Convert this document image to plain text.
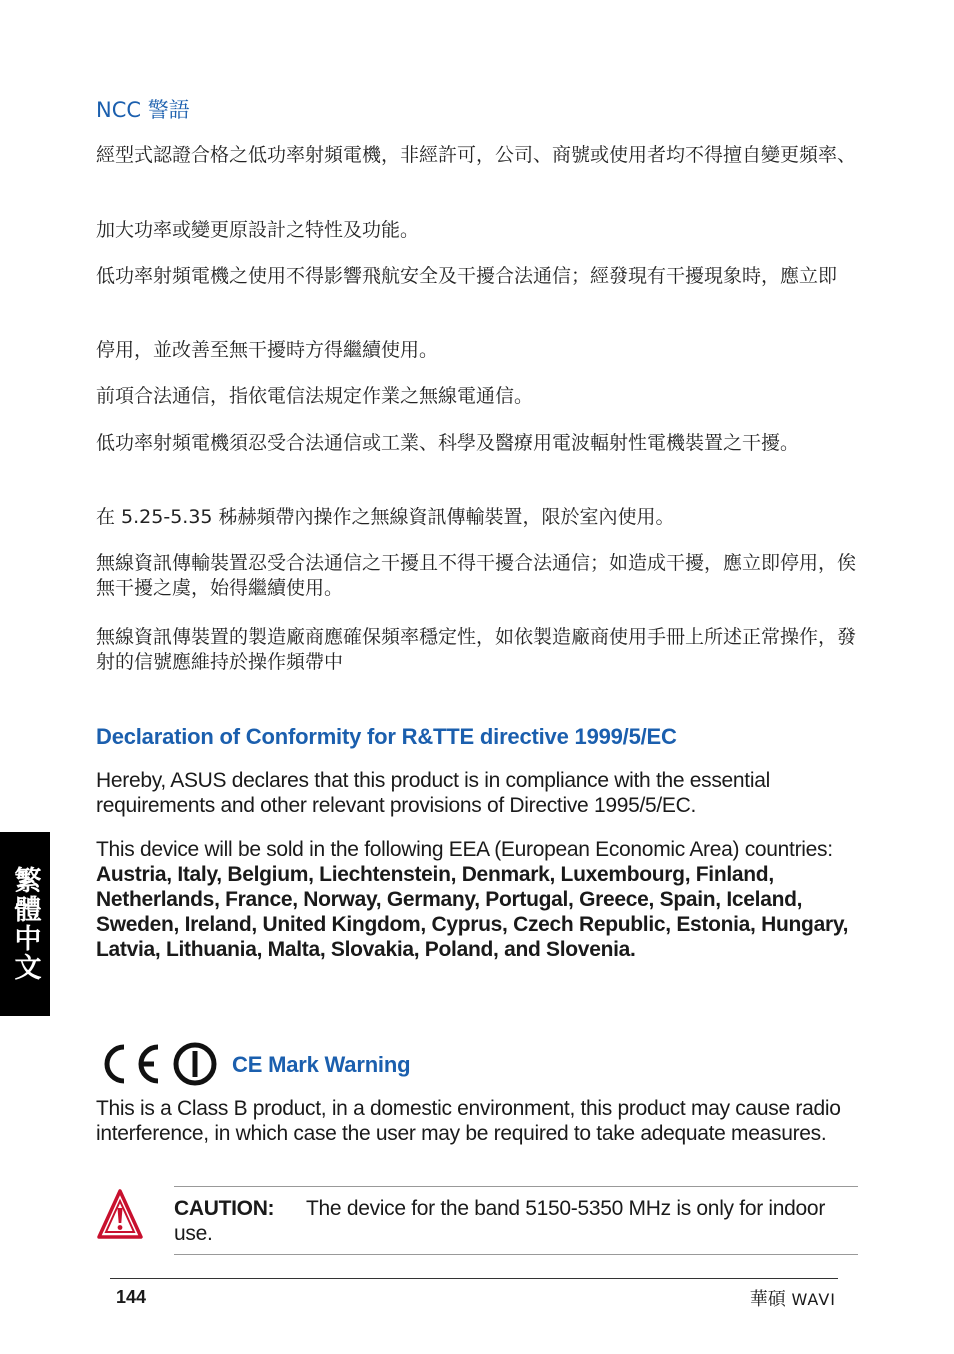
NCC 警語

經型式認證合格之低功率射頻電機，非經許可，公司、商號或使用者均不得擅自變更頻率、

加大功率或變更原設計之特性及功能。

低功率射頻電機之使用不得影響飛航安全及干擾合法通信；經發現有干擾現象時，應立即

停用，並改善至無干擾時方得繼續使用。

前項合法通信，指依電信法規定作業之無線電通信。

低功率射頻電機須忍受合法通信或工業、科學及醫療用電波輻射性電機裝置之干擾。

在 5.25-5.35 秭赫頻帶內操作之無線資訊傳輸裝置，限於室內使用。

無線資訊傳輸裝置忍受合法通信之干擾且不得干擾合法通信；如造成干擾，應立即停用，俟無干擾之虞，始得繼續使用。

無線資訊傳裝置的製造廠商應確保頻率穩定性，如依製造廠商使用手冊上所述正常操作，發射的信號應維持於操作頻帶中

Declaration of Conformity for R&TTE directive 1999/5/EC

Hereby, ASUS declares that this product is in compliance with the essential requirements and other relevant provisions of Directive 1995/5/EC.

This device will be sold in the following EEA (European Economic Area) countries: Austria, Italy, Belgium, Liechtenstein, Denmark, Luxembourg, Finland, Netherlands, France, Norway, Germany, Portugal, Greece, Spain, Iceland, Sweden, Ireland, United Kingdom, Cyprus, Czech Republic, Estonia, Hungary, Latvia, Lithuania, Malta, Slovakia, Poland, and Slovenia.

繁體中文
CE Mark Warning

This is a Class B product, in a domestic environment, this product may cause radio interference, in which case the user may be required to take adequate measures.

CAUTION: The device for the band 5150-5350 MHz is only for indoor use.
144	華碩 WAVI
